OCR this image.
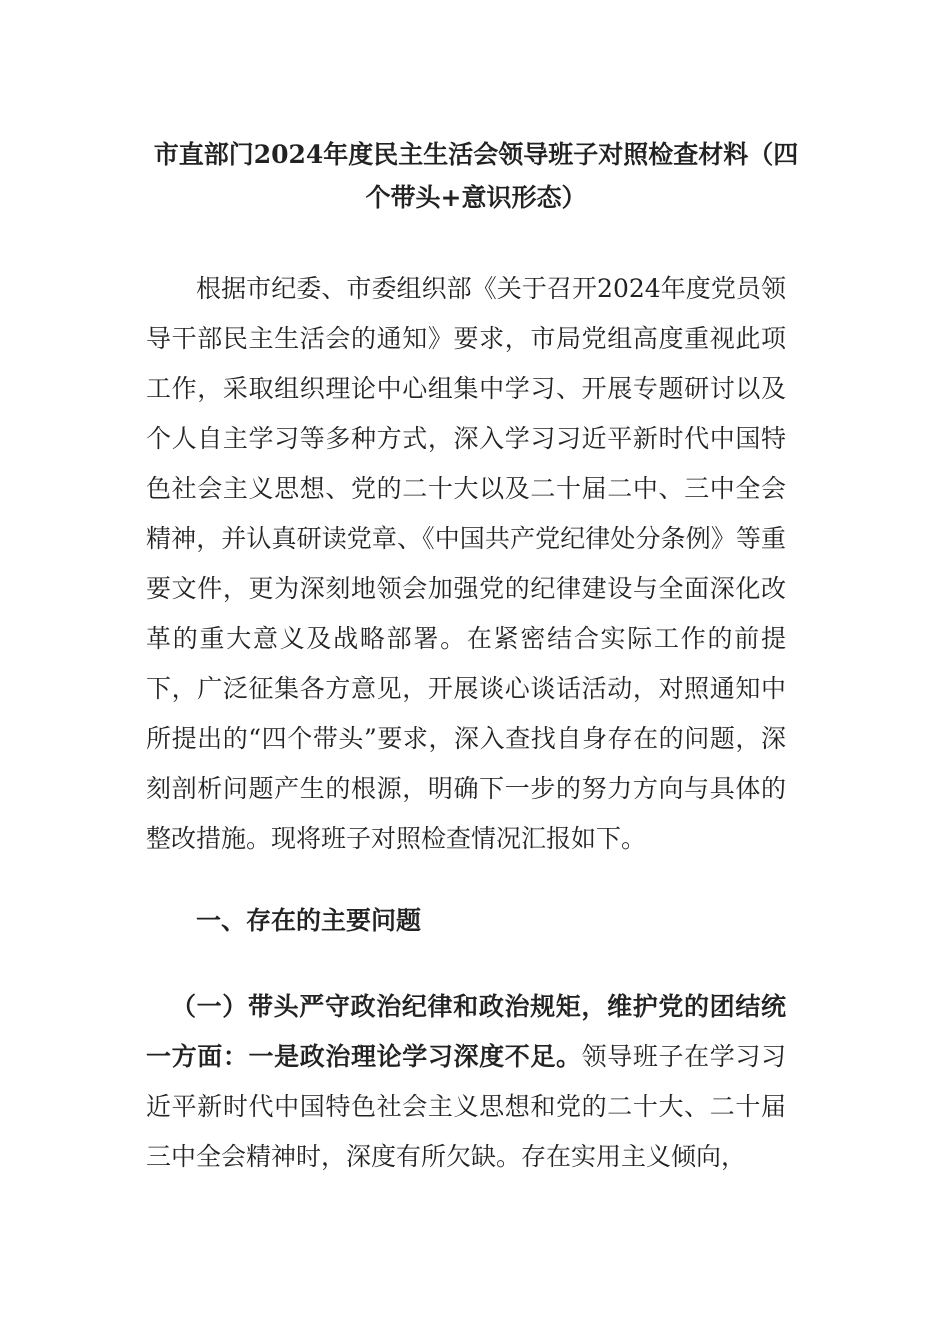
市直部门2024年度民主生活会领导班子对照检查材料（四个带头+意识形态）

根据市纪委、市委组织部《关于召开2024年度党员领导干部民主生活会的通知》要求，市局党组高度重视此项工作，采取组织理论中心组集中学习、开展专题研讨以及个人自主学习等多种方式，深入学习习近平新时代中国特色社会主义思想、党的二十大以及二十届二中、三中全会精神，并认真研读党章、《中国共产党纪律处分条例》等重要文件，更为深刻地领会加强党的纪律建设与全面深化改革的重大意义及战略部署。在紧密结合实际工作的前提下，广泛征集各方意见，开展谈心谈话活动，对照通知中所提出的“四个带头”要求，深入查找自身存在的问题，深刻剖析问题产生的根源，明确下一步的努力方向与具体的整改措施。现将班子对照检查情况汇报如下。

一、存在的主要问题

（一）带头严守政治纪律和政治规矩，维护党的团结统一方面：一是政治理论学习深度不足。领导班子在学习习近平新时代中国特色社会主义思想和党的二十大、二十届三中全会精神时，深度有所欠缺。存在实用主义倾向，
